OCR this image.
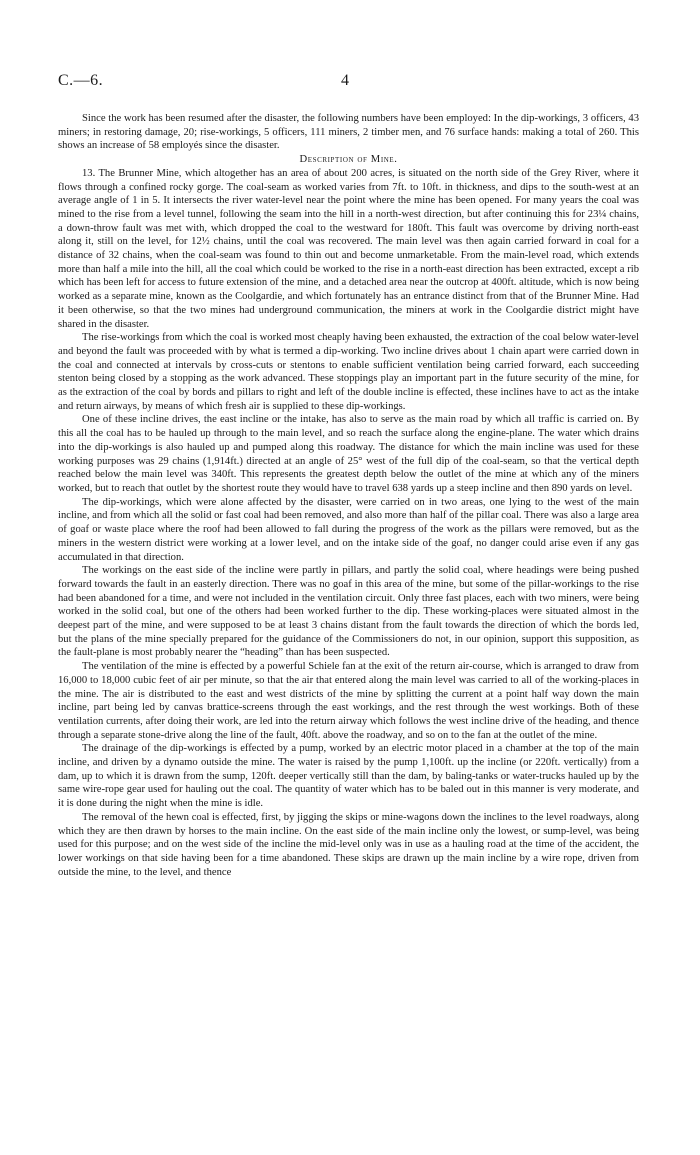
C.—6.	4

Since the work has been resumed after the disaster, the following numbers have been employed: In the dip-workings, 3 officers, 43 miners; in restoring damage, 20; rise-workings, 5 officers, 111 miners, 2 timber men, and 76 surface hands: making a total of 260. This shows an increase of 58 employés since the disaster.

Description of Mine.

13. The Brunner Mine, which altogether has an area of about 200 acres, is situated on the north side of the Grey River, where it flows through a confined rocky gorge. The coal-seam as worked varies from 7ft. to 10ft. in thickness, and dips to the south-west at an average angle of 1 in 5. It intersects the river water-level near the point where the mine has been opened. For many years the coal was mined to the rise from a level tunnel, following the seam into the hill in a north-west direction, but after continuing this for 23¼ chains, a down-throw fault was met with, which dropped the coal to the westward for 180ft. This fault was overcome by driving north-east along it, still on the level, for 12½ chains, until the coal was recovered. The main level was then again carried forward in coal for a distance of 32 chains, when the coal-seam was found to thin out and become unmarketable. From the main-level road, which extends more than half a mile into the hill, all the coal which could be worked to the rise in a north-east direction has been extracted, except a rib which has been left for access to future extension of the mine, and a detached area near the outcrop at 400ft. altitude, which is now being worked as a separate mine, known as the Coolgardie, and which fortunately has an entrance distinct from that of the Brunner Mine. Had it been otherwise, so that the two mines had underground communication, the miners at work in the Coolgardie district might have shared in the disaster.

The rise-workings from which the coal is worked most cheaply having been exhausted, the extraction of the coal below water-level and beyond the fault was proceeded with by what is termed a dip-working. Two incline drives about 1 chain apart were carried down in the coal and connected at intervals by cross-cuts or stentons to enable sufficient ventilation being carried forward, each succeeding stenton being closed by a stopping as the work advanced. These stoppings play an important part in the future security of the mine, for as the extraction of the coal by bords and pillars to right and left of the double incline is effected, these inclines have to act as the intake and return airways, by means of which fresh air is supplied to these dip-workings.

One of these incline drives, the east incline or the intake, has also to serve as the main road by which all traffic is carried on. By this all the coal has to be hauled up through to the main level, and so reach the surface along the engine-plane. The water which drains into the dip-workings is also hauled up and pumped along this roadway. The distance for which the main incline was used for these working purposes was 29 chains (1,914ft.) directed at an angle of 25° west of the full dip of the coal-seam, so that the vertical depth reached below the main level was 340ft. This represents the greatest depth below the outlet of the mine at which any of the miners worked, but to reach that outlet by the shortest route they would have to travel 638 yards up a steep incline and then 890 yards on level.

The dip-workings, which were alone affected by the disaster, were carried on in two areas, one lying to the west of the main incline, and from which all the solid or fast coal had been removed, and also more than half of the pillar coal. There was also a large area of goaf or waste place where the roof had been allowed to fall during the progress of the work as the pillars were removed, but as the miners in the western district were working at a lower level, and on the intake side of the goaf, no danger could arise even if any gas accumulated in that direction.

The workings on the east side of the incline were partly in pillars, and partly the solid coal, where headings were being pushed forward towards the fault in an easterly direction. There was no goaf in this area of the mine, but some of the pillar-workings to the rise had been abandoned for a time, and were not included in the ventilation circuit. Only three fast places, each with two miners, were being worked in the solid coal, but one of the others had been worked further to the dip. These working-places were situated almost in the deepest part of the mine, and were supposed to be at least 3 chains distant from the fault towards the direction of which the bords led, but the plans of the mine specially prepared for the guidance of the Commissioners do not, in our opinion, support this supposition, as the fault-plane is most probably nearer the “heading” than has been suspected.

The ventilation of the mine is effected by a powerful Schiele fan at the exit of the return air-course, which is arranged to draw from 16,000 to 18,000 cubic feet of air per minute, so that the air that entered along the main level was carried to all of the working-places in the mine. The air is distributed to the east and west districts of the mine by splitting the current at a point half way down the main incline, part being led by canvas brattice-screens through the east workings, and the rest through the west workings. Both of these ventilation currents, after doing their work, are led into the return airway which follows the west incline drive of the heading, and thence through a separate stone-drive along the line of the fault, 40ft. above the roadway, and so on to the fan at the outlet of the mine.

The drainage of the dip-workings is effected by a pump, worked by an electric motor placed in a chamber at the top of the main incline, and driven by a dynamo outside the mine. The water is raised by the pump 1,100ft. up the incline (or 220ft. vertically) from a dam, up to which it is drawn from the sump, 120ft. deeper vertically still than the dam, by baling-tanks or water-trucks hauled up by the same wire-rope gear used for hauling out the coal. The quantity of water which has to be baled out in this manner is very moderate, and it is done during the night when the mine is idle.

The removal of the hewn coal is effected, first, by jigging the skips or mine-wagons down the inclines to the level roadways, along which they are then drawn by horses to the main incline. On the east side of the main incline only the lowest, or sump-level, was being used for this purpose; and on the west side of the incline the mid-level only was in use as a hauling road at the time of the accident, the lower workings on that side having been for a time abandoned. These skips are drawn up the main incline by a wire rope, driven from outside the mine, to the level, and thence
